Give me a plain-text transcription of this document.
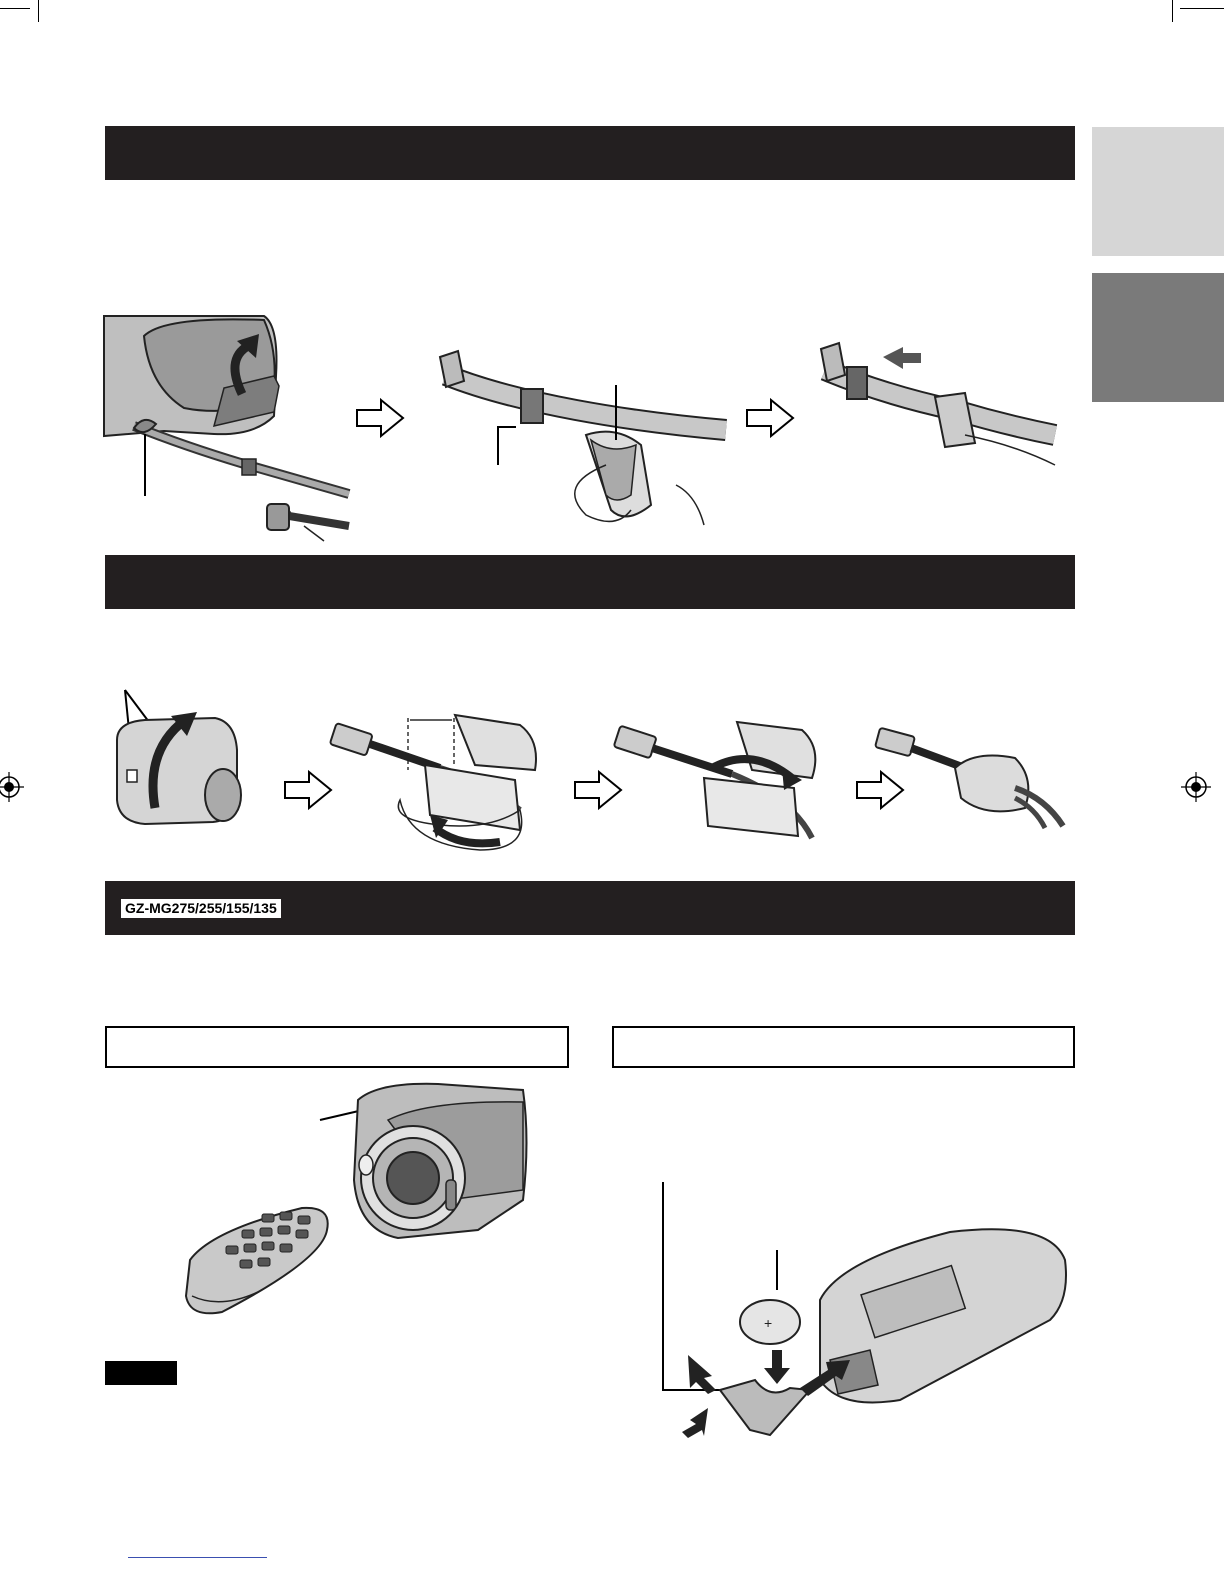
GZ-MG275/255/155/135
+
